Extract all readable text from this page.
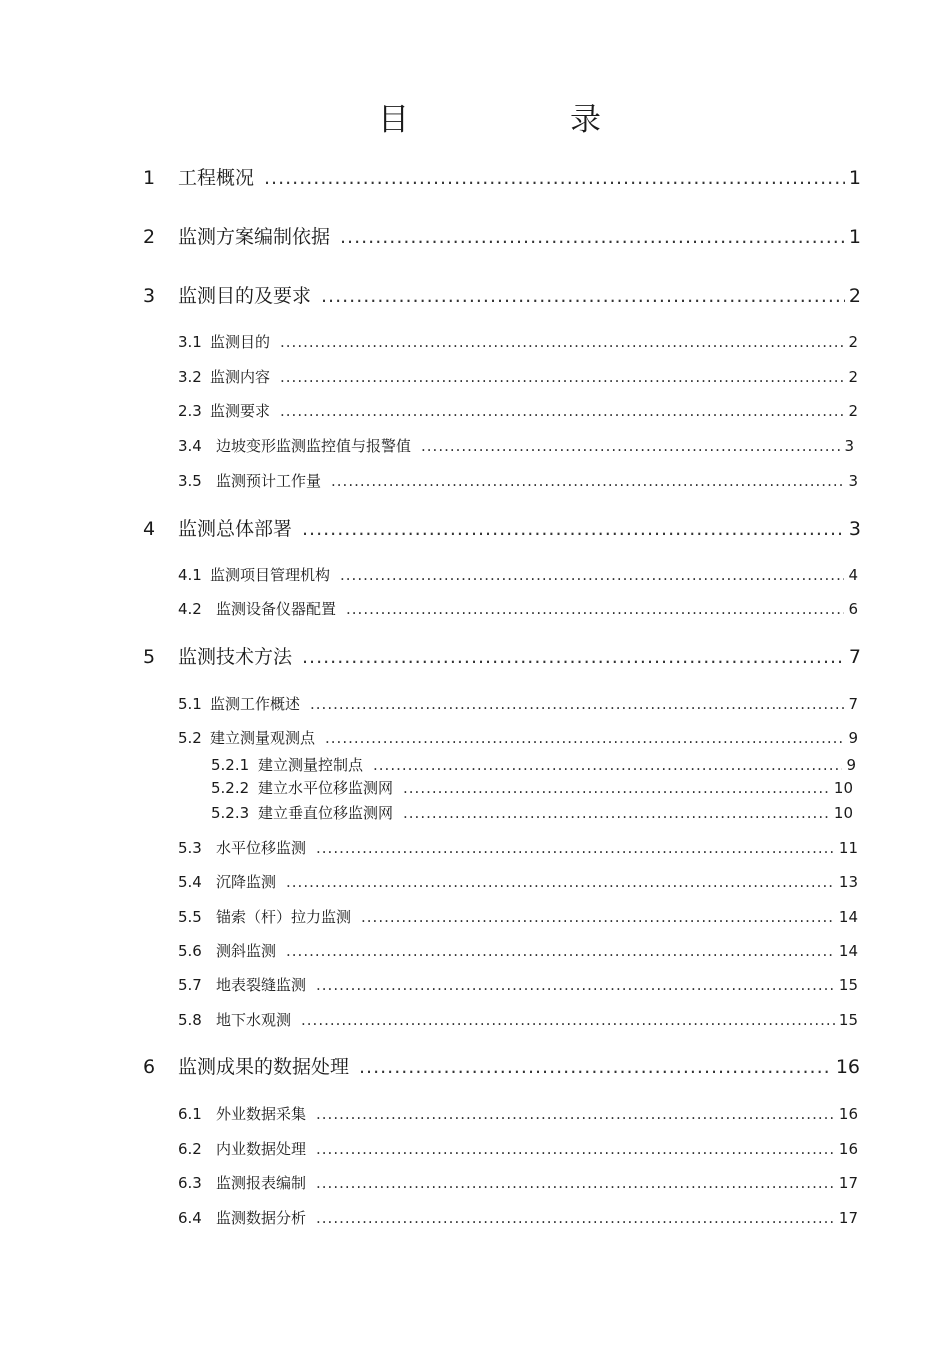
目	录
1	工程概况 .....	1
2	监测方案编制依据 .....	1
3	监测目的及要求 .....	2
3.1 监测目的 .....	2
3.2 监测内容 .....	2
2.3 监测要求 .....	2
3.4 边坡变形监测监控值与报警值 .....	3
3.5 监测预计工作量 .....	3
4	监测总体部署 .....	3
4.1 监测项目管理机构 .....	4
4.2 监测设备仪器配置 .....	6
5	监测技术方法 .....	7
5.1 监测工作概述 .....	7
5.2 建立测量观测点 .....	9
5.2.1 建立测量控制点 .....	9
5.2.2 建立水平位移监测网 .....	10
5.2.3 建立垂直位移监测网 .....	10
5.3 水平位移监测 .....	11
5.4 沉降监测 .....	13
5.5 锚索（杆）拉力监测 .....	14
5.6 测斜监测 .....	14
5.7 地表裂缝监测 .....	15
5.8 地下水观测 .....	15
6	监测成果的数据处理 .....	16
6.1 外业数据采集 .....	16
6.2 内业数据处理 .....	16
6.3 监测报表编制 .....	17
6.4 监测数据分析 .....	17
